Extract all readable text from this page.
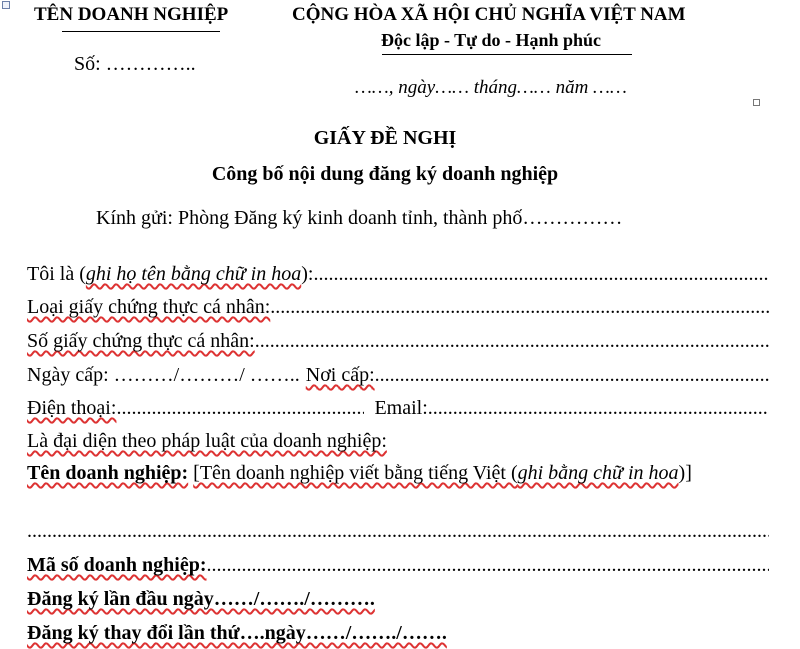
TÊN DOANH NGHIỆP
Số: …………..
CỘNG HÒA XÃ HỘI CHỦ NGHĨA VIỆT NAM
Độc lập - Tự do - Hạnh phúc
……, ngày…… tháng…… năm ……
GIẤY ĐỀ NGHỊ
Công bố nội dung đăng ký doanh nghiệp
Kính gửi: Phòng Đăng ký kinh doanh tỉnh, thành phố……………
Tôi là (ghi họ tên bằng chữ in hoa):
.....
Loại giấy chứng thực cá nhân:
.....
Số giấy chứng thực cá nhân:
.....
Ngày cấp: ………/………/ …….. Nơi cấp:
.....
Điện thoại:
.....	Email:
.....
Là đại diện theo pháp luật của doanh nghiệp:
Tên doanh nghiệp: [Tên doanh nghiệp viết bằng tiếng Việt (ghi bằng chữ in hoa)]
.....
Mã số doanh nghiệp:
.....
Đăng ký lần đầu ngày……/……./……….
Đăng ký thay đổi lần thứ….ngày……/……./…….
